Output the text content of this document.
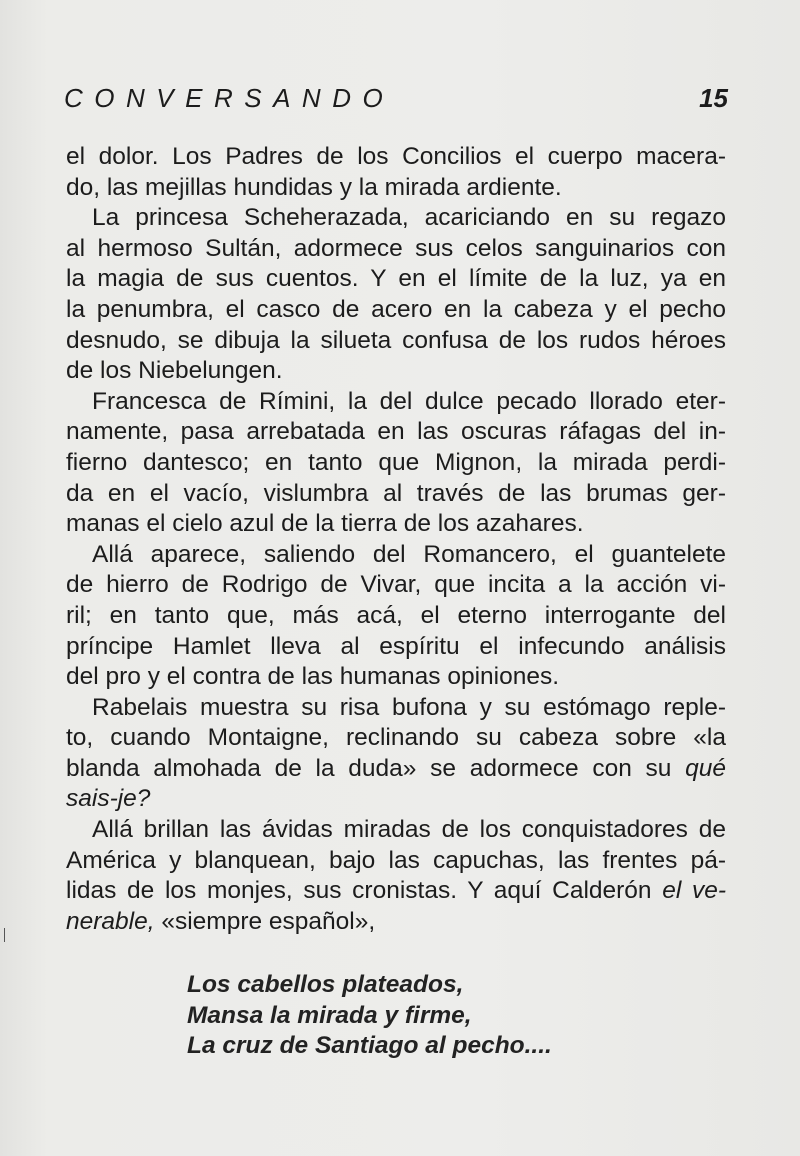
CONVERSANDO	15
el dolor. Los Padres de los Concilios el cuerpo macera-
do, las mejillas hundidas y la mirada ardiente.
La princesa Scheherazada, acariciando en su regazo
al hermoso Sultán, adormece sus celos sanguinarios con
la magia de sus cuentos. Y en el límite de la luz, ya en
la penumbra, el casco de acero en la cabeza y el pecho
desnudo, se dibuja la silueta confusa de los rudos héroes
de los Niebelungen.
Francesca de Rímini, la del dulce pecado llorado eter-
namente, pasa arrebatada en las oscuras ráfagas del in-
fierno dantesco; en tanto que Mignon, la mirada perdi-
da en el vacío, vislumbra al través de las brumas ger-
manas el cielo azul de la tierra de los azahares.
Allá aparece, saliendo del Romancero, el guantelete
de hierro de Rodrigo de Vivar, que incita a la acción vi-
ril; en tanto que, más acá, el eterno interrogante del
príncipe Hamlet lleva al espíritu el infecundo análisis
del pro y el contra de las humanas opiniones.
Rabelais muestra su risa bufona y su estómago reple-
to, cuando Montaigne, reclinando su cabeza sobre «la
blanda almohada de la duda» se adormece con su qué
sais-je?
Allá brillan las ávidas miradas de los conquistadores de
América y blanquean, bajo las capuchas, las frentes pá-
lidas de los monjes, sus cronistas. Y aquí Calderón el ve-
nerable, «siempre español»,
Los cabellos plateados,
Mansa la mirada y firme,
La cruz de Santiago al pecho....
